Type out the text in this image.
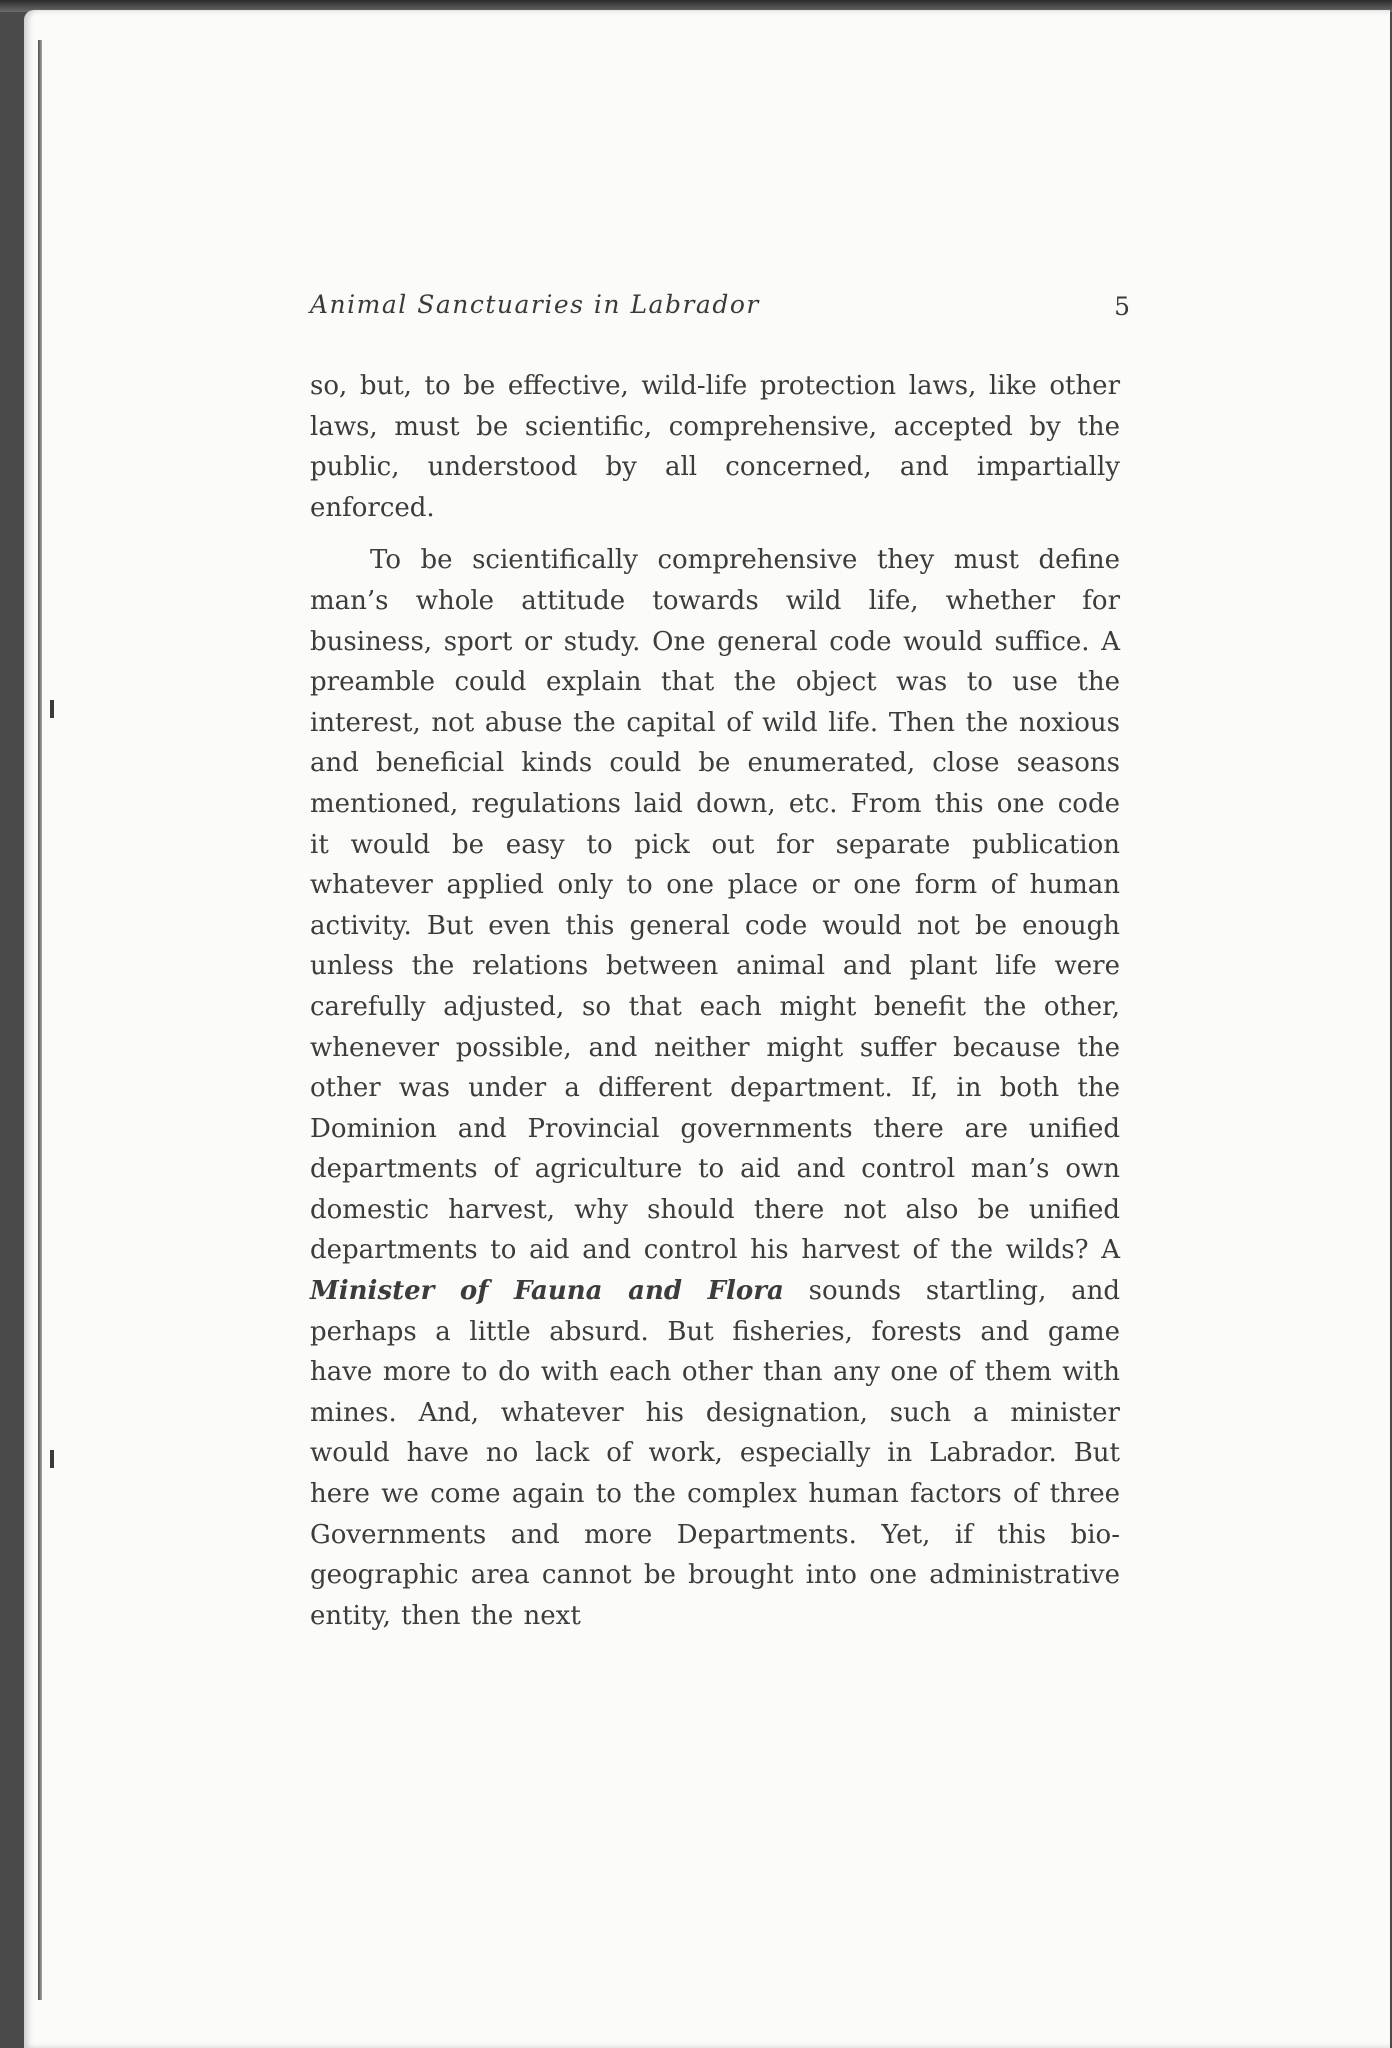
Animal Sanctuaries in Labrador	5

so, but, to be effective, wild-life protection laws, like other laws, must be scientific, comprehensive, accepted by the public, understood by all concerned, and impartially enforced.

To be scientifically comprehensive they must define man’s whole attitude towards wild life, whether for business, sport or study. One general code would suffice. A preamble could explain that the object was to use the interest, not abuse the capital of wild life. Then the noxious and beneficial kinds could be enumerated, close seasons mentioned, regulations laid down, etc. From this one code it would be easy to pick out for separate publication whatever applied only to one place or one form of human activity. But even this general code would not be enough unless the relations between animal and plant life were carefully adjusted, so that each might benefit the other, whenever possible, and neither might suffer because the other was under a different department. If, in both the Dominion and Provincial governments there are unified departments of agriculture to aid and control man’s own domestic harvest, why should there not also be unified departments to aid and control his harvest of the wilds? A Minister of Fauna and Flora sounds startling, and perhaps a little absurd. But fisheries, forests and game have more to do with each other than any one of them with mines. And, whatever his designation, such a minister would have no lack of work, especially in Labrador. But here we come again to the complex human factors of three Governments and more Departments. Yet, if this bio-geographic area cannot be brought into one administrative entity, then the next
